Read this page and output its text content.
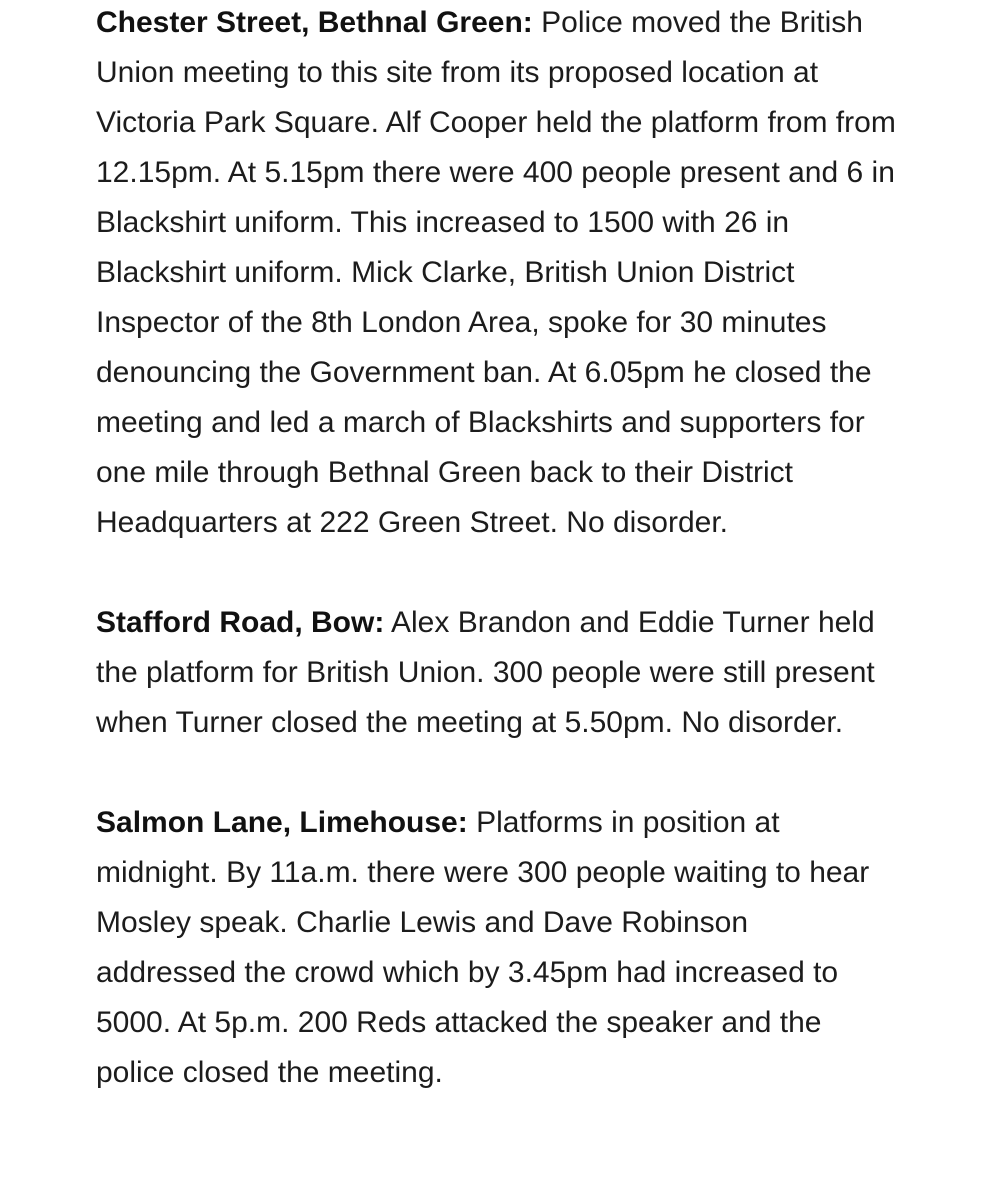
Chester Street, Bethnal Green: Police moved the British Union meeting to this site from its proposed location at Victoria Park Square. Alf Cooper held the platform from from 12.15pm. At 5.15pm there were 400 people present and 6 in Blackshirt uniform. This increased to 1500 with 26 in Blackshirt uniform. Mick Clarke, British Union District Inspector of the 8th London Area, spoke for 30 minutes denouncing the Government ban. At 6.05pm he closed the meeting and led a march of Blackshirts and supporters for one mile through Bethnal Green back to their District Headquarters at 222 Green Street. No disorder.

Stafford Road, Bow: Alex Brandon and Eddie Turner held the platform for British Union. 300 people were still present when Turner closed the meeting at 5.50pm. No disorder.

Salmon Lane, Limehouse: Platforms in position at midnight. By 11a.m. there were 300 people waiting to hear Mosley speak. Charlie Lewis and Dave Robinson addressed the crowd which by 3.45pm had increased to 5000. At 5p.m. 200 Reds attacked the speaker and the police closed the meeting.
